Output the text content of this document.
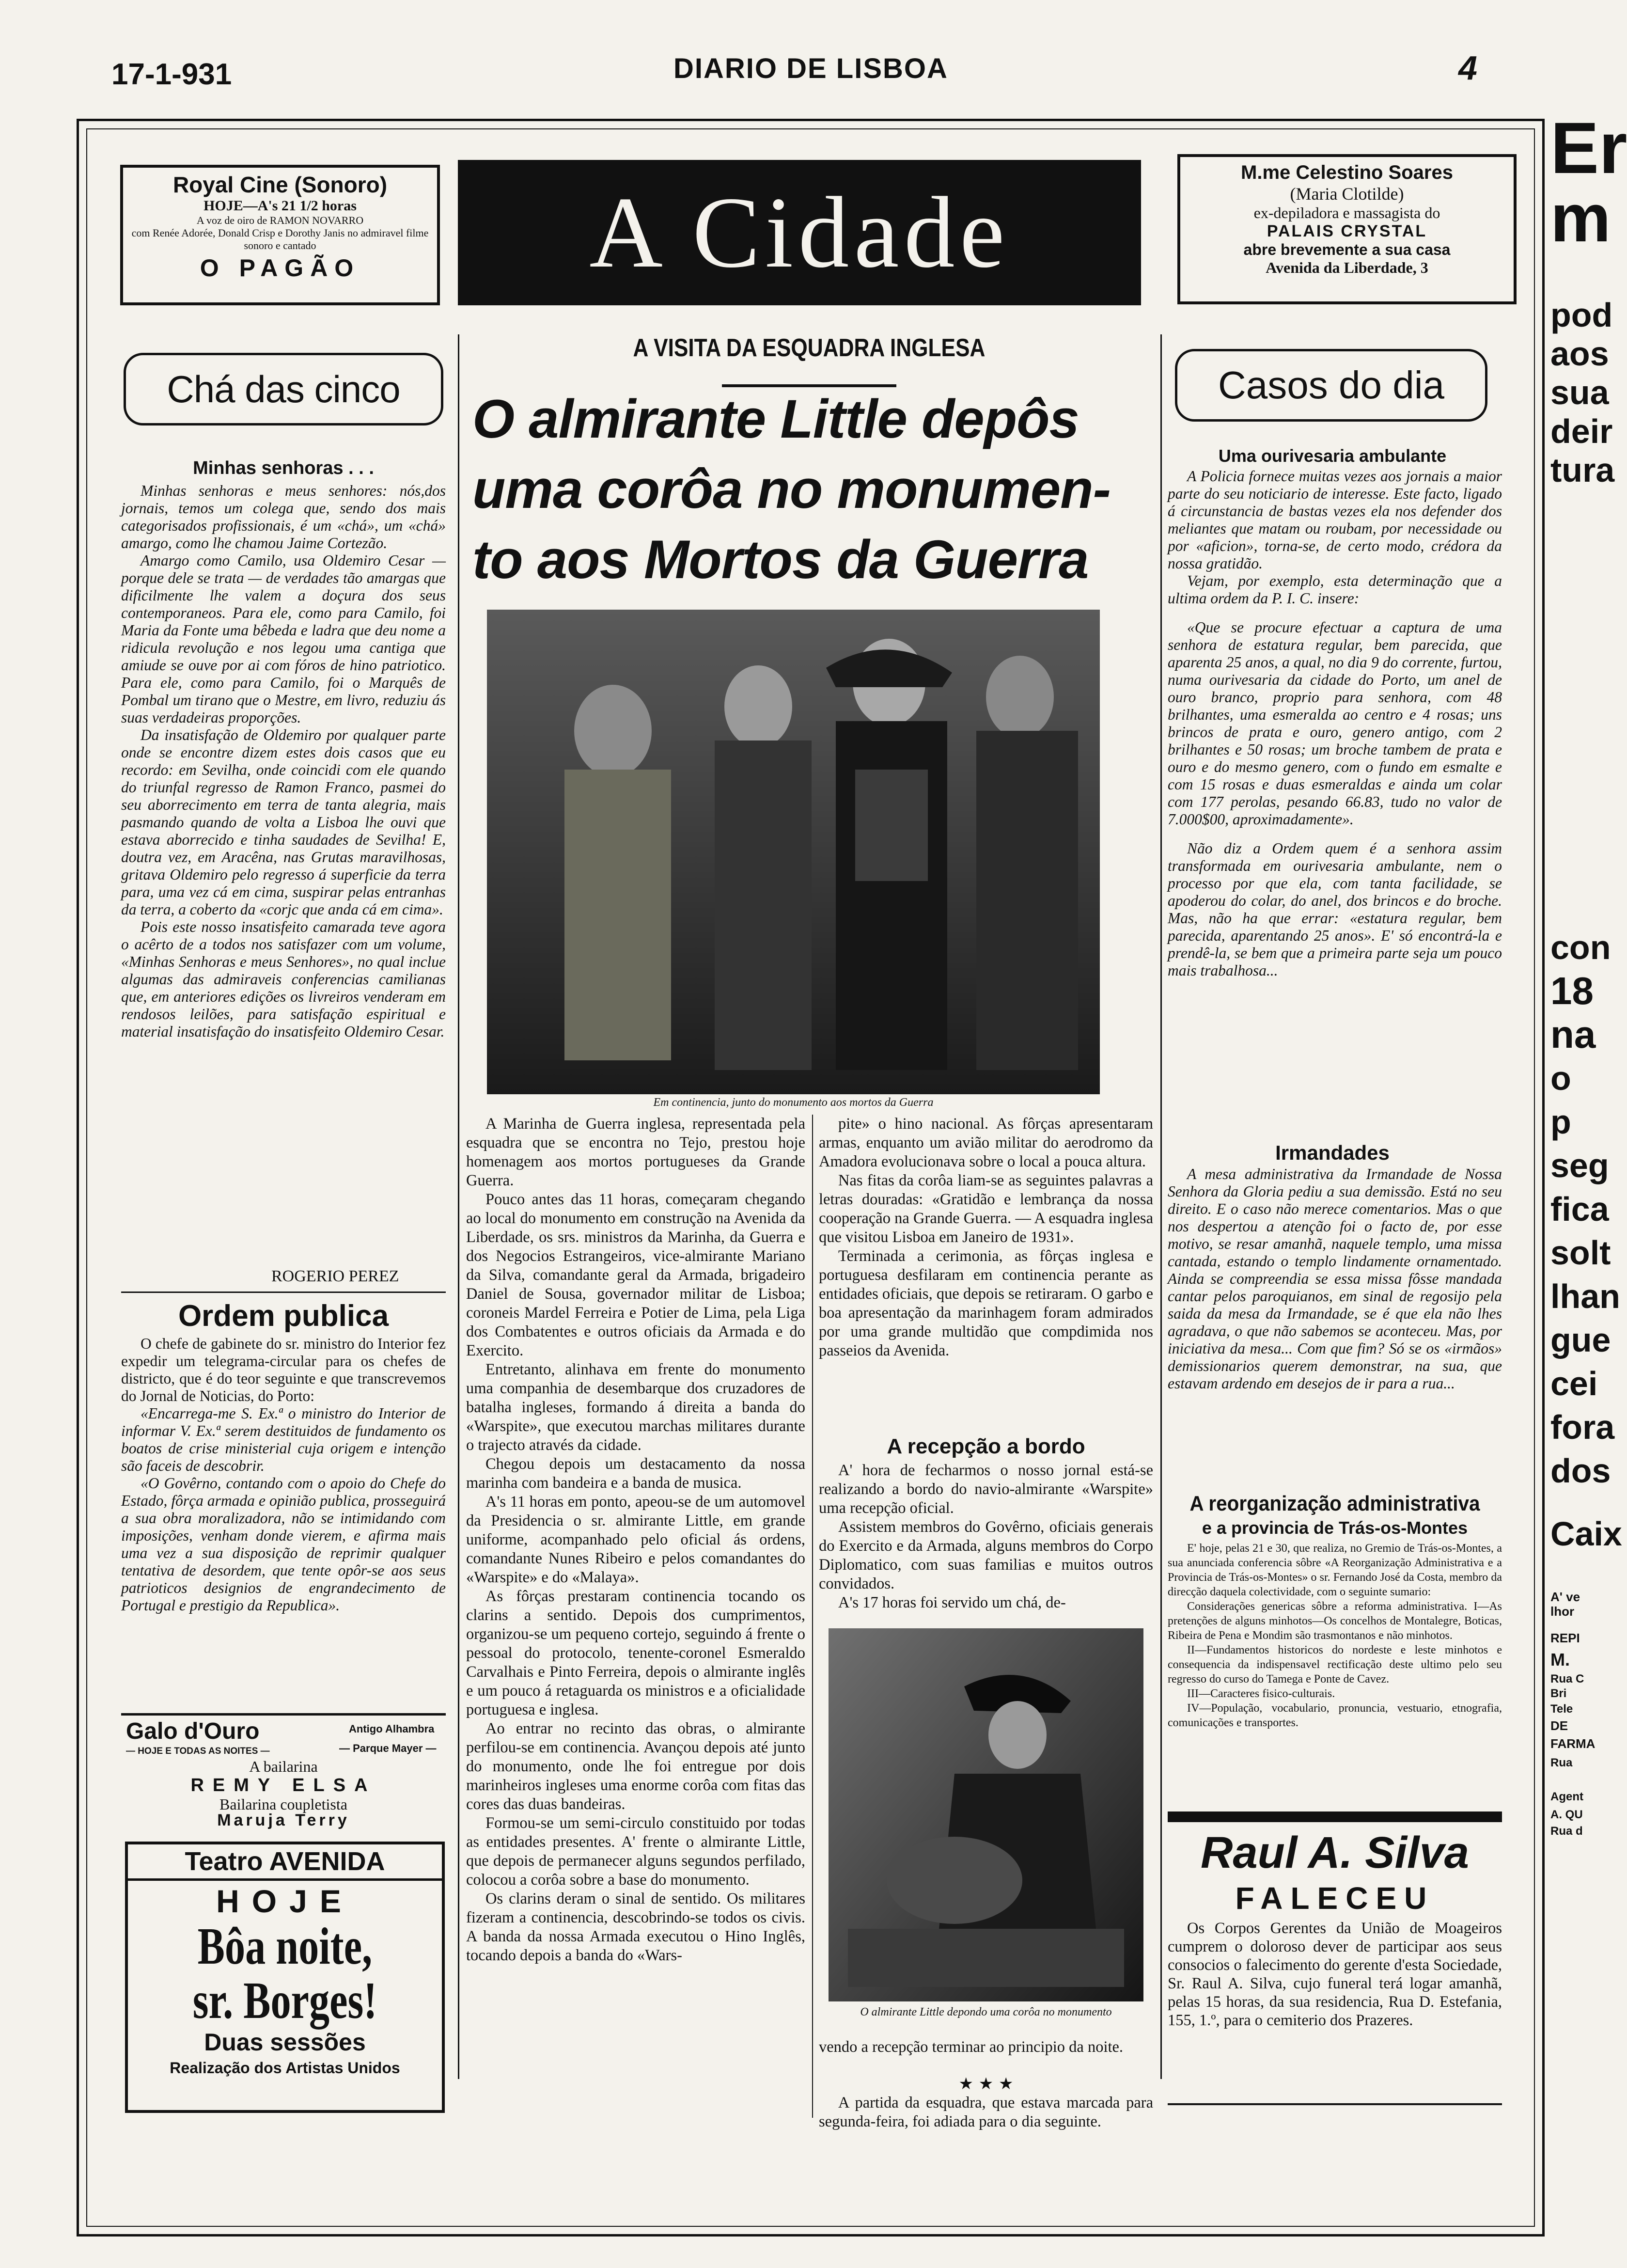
17-1-931	DIARIO DE LISBOA	4
Royal Cine (Sonoro)
HOJE—A's 21 1/2 horas
A voz de oiro de RAMON NOVARRO
com Renée Adorée, Donald Crisp e Dorothy Janis no admiravel filme sonoro e cantado
O PAGÃO	A Cidade
M.me Celestino Soares
(Maria Clotilde)
ex-depiladora e massagista do
PALAIS CRYSTAL
abre brevemente a sua casa
Avenida da Liberdade, 3
Chá das cinco
Minhas senhoras . . .

Minhas senhoras e meus senhores: nós,dos jornais, temos um colega que, sendo dos mais categorisados profissionais, é um «chá», um «chá» amargo, como lhe chamou Jaime Cortezão.

Amargo como Camilo, usa Oldemiro Cesar — porque dele se trata — de verdades tão amargas que dificilmente lhe valem a doçura dos seus contemporaneos. Para ele, como para Camilo, foi Maria da Fonte uma bêbeda e ladra que deu nome a ridicula revolução e nos legou uma cantiga que amiude se ouve por ai com fóros de hino patriotico. Para ele, como para Camilo, foi o Marquês de Pombal um tirano que o Mestre, em livro, reduziu ás suas verdadeiras proporções.

Da insatisfação de Oldemiro por qualquer parte onde se encontre dizem estes dois casos que eu recordo: em Sevilha, onde coincidi com ele quando do triunfal regresso de Ramon Franco, pasmei do seu aborrecimento em terra de tanta alegria, mais pasmando quando de volta a Lisboa lhe ouvi que estava aborrecido e tinha saudades de Sevilha! E, doutra vez, em Aracêna, nas Grutas maravilhosas, gritava Oldemiro pelo regresso á superficie da terra para, uma vez cá em cima, suspirar pelas entranhas da terra, a coberto da «corjc que anda cá em cima».

Pois este nosso insatisfeito camarada teve agora o acêrto de a todos nos satisfazer com um volume, «Minhas Senhoras e meus Senhores», no qual inclue algumas das admiraveis conferencias camilianas que, em anteriores edições os livreiros venderam em rendosos leilões, para satisfação espiritual e material insatisfação do insatisfeito Oldemiro Cesar.

ROGERIO PEREZ
Ordem publica

O chefe de gabinete do sr. ministro do Interior fez expedir um telegrama-circular para os chefes de districto, que é do teor seguinte e que transcrevemos do Jornal de Noticias, do Porto:

«Encarrega-me S. Ex.ª o ministro do Interior de informar V. Ex.ª serem destituidos de fundamento os boatos de crise ministerial cuja origem e intenção são faceis de descobrir.

«O Govêrno, contando com o apoio do Chefe do Estado, fôrça armada e opinião publica, prosseguirá a sua obra moralizadora, não se intimidando com imposições, venham donde vierem, e afirma mais uma vez a sua disposição de reprimir qualquer tentativa de desordem, que tente opôr-se aos seus patrioticos designios de engrandecimento de Portugal e prestigio da Republica».

Galo d'Ouro
— HOJE E TODAS AS NOITES —
Antigo Alhambra
— Parque Mayer —
A bailarina
REMY ELSA
Bailarina coupletista
Maruja Terry
Teatro AVENIDA
HOJE
Bôa noite,
sr. Borges!
Duas sessões
Realização dos Artistas Unidos
A VISITA DA ESQUADRA INGLESA
O almirante Little depôs
uma corôa no monumen-
to aos Mortos da Guerra
Em continencia, junto do monumento aos mortos da Guerra

A Marinha de Guerra inglesa, representada pela esquadra que se encontra no Tejo, prestou hoje homenagem aos mortos portugueses da Grande Guerra.

Pouco antes das 11 horas, começaram chegando ao local do monumento em construção na Avenida da Liberdade, os srs. ministros da Marinha, da Guerra e dos Negocios Estrangeiros, vice-almirante Mariano da Silva, comandante geral da Armada, brigadeiro Daniel de Sousa, governador militar de Lisboa; coroneis Mardel Ferreira e Potier de Lima, pela Liga dos Combatentes e outros oficiais da Armada e do Exercito.

Entretanto, alinhava em frente do monumento uma companhia de desembarque dos cruzadores de batalha ingleses, formando á direita a banda do «Warspite», que executou marchas militares durante o trajecto através da cidade.

Chegou depois um destacamento da nossa marinha com bandeira e a banda de musica.

A's 11 horas em ponto, apeou-se de um automovel da Presidencia o sr. almirante Little, em grande uniforme, acompanhado pelo oficial ás ordens, comandante Nunes Ribeiro e pelos comandantes do «Warspite» e do «Malaya».

As fôrças prestaram continencia tocando os clarins a sentido. Depois dos cumprimentos, organizou-se um pequeno cortejo, seguindo á frente o pessoal do protocolo, tenente-coronel Esmeraldo Carvalhais e Pinto Ferreira, depois o almirante inglês e um pouco á retaguarda os ministros e a oficialidade portuguesa e inglesa.

Ao entrar no recinto das obras, o almirante perfilou-se em continencia. Avançou depois até junto do monumento, onde lhe foi entregue por dois marinheiros ingleses uma enorme corôa com fitas das cores das duas bandeiras.

Formou-se um semi-circulo constituido por todas as entidades presentes. A' frente o almirante Little, que depois de permanecer alguns segundos perfilado, colocou a corôa sobre a base do monumento.

Os clarins deram o sinal de sentido. Os militares fizeram a continencia, descobrindo-se todos os civis. A banda da nossa Armada executou o Hino Inglês, tocando depois a banda do «Wars-

pite» o hino nacional. As fôrças apresentaram armas, enquanto um avião militar do aerodromo da Amadora evolucionava sobre o local a pouca altura.

Nas fitas da corôa liam-se as seguintes palavras a letras douradas: «Gratidão e lembrança da nossa cooperação na Grande Guerra. — A esquadra inglesa que visitou Lisboa em Janeiro de 1931».

Terminada a cerimonia, as fôrças inglesa e portuguesa desfilaram em continencia perante as entidades oficiais, que depois se retiraram. O garbo e boa apresentação da marinhagem foram admirados por uma grande multidão que compdimida nos passeios da Avenida.

A recepção a bordo

A' hora de fecharmos o nosso jornal está-se realizando a bordo do navio-almirante «Warspite» uma recepção oficial.

Assistem membros do Govêrno, oficiais generais do Exercito e da Armada, alguns membros do Corpo Diplomatico, com suas familias e muitos outros convidados.

A's 17 horas foi servido um chá, de-

O almirante Little depondo uma corôa no monumento

vendo a recepção terminar ao principio da noite.

★ ★ ★

A partida da esquadra, que estava marcada para segunda-feira, foi adiada para o dia seguinte.

Casos do dia
Uma ourivesaria ambulante

A Policia fornece muitas vezes aos jornais a maior parte do seu noticiario de interesse. Este facto, ligado á circunstancia de bastas vezes ela nos defender dos meliantes que matam ou roubam, por necessidade ou por «aficion», torna-se, de certo modo, crédora da nossa gratidão.

Vejam, por exemplo, esta determinação que a ultima ordem da P. I. C. insere:

«Que se procure efectuar a captura de uma senhora de estatura regular, bem parecida, que aparenta 25 anos, a qual, no dia 9 do corrente, furtou, numa ourivesaria da cidade do Porto, um anel de ouro branco, proprio para senhora, com 48 brilhantes, uma esmeralda ao centro e 4 rosas; uns brincos de prata e ouro, genero antigo, com 2 brilhantes e 50 rosas; um broche tambem de prata e ouro e do mesmo genero, com o fundo em esmalte e com 15 rosas e duas esmeraldas e ainda um colar com 177 perolas, pesando 66.83, tudo no valor de 7.000$00, aproximadamente».

Não diz a Ordem quem é a senhora assim transformada em ourivesaria ambulante, nem o processo por que ela, com tanta facilidade, se apoderou do colar, do anel, dos brincos e do broche. Mas, não ha que errar: «estatura regular, bem parecida, aparentando 25 anos». E' só encontrá-la e prendê-la, se bem que a primeira parte seja um pouco mais trabalhosa...

Irmandades

A mesa administrativa da Irmandade de Nossa Senhora da Gloria pediu a sua demissão. Está no seu direito. E o caso não merece comentarios. Mas o que nos despertou a atenção foi o facto de, por esse motivo, se resar amanhã, naquele templo, uma missa cantada, estando o templo lindamente ornamentado. Ainda se compreendia se essa missa fôsse mandada cantar pelos paroquianos, em sinal de regosijo pela saida da mesa da Irmandade, se é que ela não lhes agradava, o que não sabemos se aconteceu. Mas, por iniciativa da mesa... Com que fim? Só se os «irmãos» demissionarios querem demonstrar, na sua, que estavam ardendo em desejos de ir para a rua...

A reorganização administrativa
e a provincia de Trás-os-Montes

E' hoje, pelas 21 e 30, que realiza, no Gremio de Trás-os-Montes, a sua anunciada conferencia sôbre «A Reorganização Administrativa e a Provincia de Trás-os-Montes» o sr. Fernando José da Costa, membro da direcção daquela colectividade, com o seguinte sumario:

Considerações genericas sôbre a reforma administrativa. I—As pretenções de alguns minhotos—Os concelhos de Montalegre, Boticas, Ribeira de Pena e Mondim são trasmontanos e não minhotos.

II—Fundamentos historicos do nordeste e leste minhotos e consequencia da indispensavel rectificação deste ultimo pelo seu regresso do curso do Tamega e Ponte de Cavez.

III—Caracteres fisico-culturais.

IV—População, vocabulario, pronuncia, vestuario, etnografia, comunicações e transportes.

Raul A. Silva
FALECEU

Os Corpos Gerentes da União de Moageiros cumprem o doloroso dever de participar aos seus consocios o falecimento do gerente d'esta Sociedade, Sr. Raul A. Silva, cujo funeral terá logar amanhã, pelas 15 horas, da sua residencia, Rua D. Estefania, 155, 1.º, para o cemiterio dos Prazeres.

Er
m
pod
aos
sua
deir
tura
con
18
na
o p
seg
fica
solt
lhan
gue
cei
fora
dos
Caix
A' ve
lhor
REPI
M.
Rua C
Bri
Tele
DE
FARMA
Rua
Agent
A. QU
Rua d
